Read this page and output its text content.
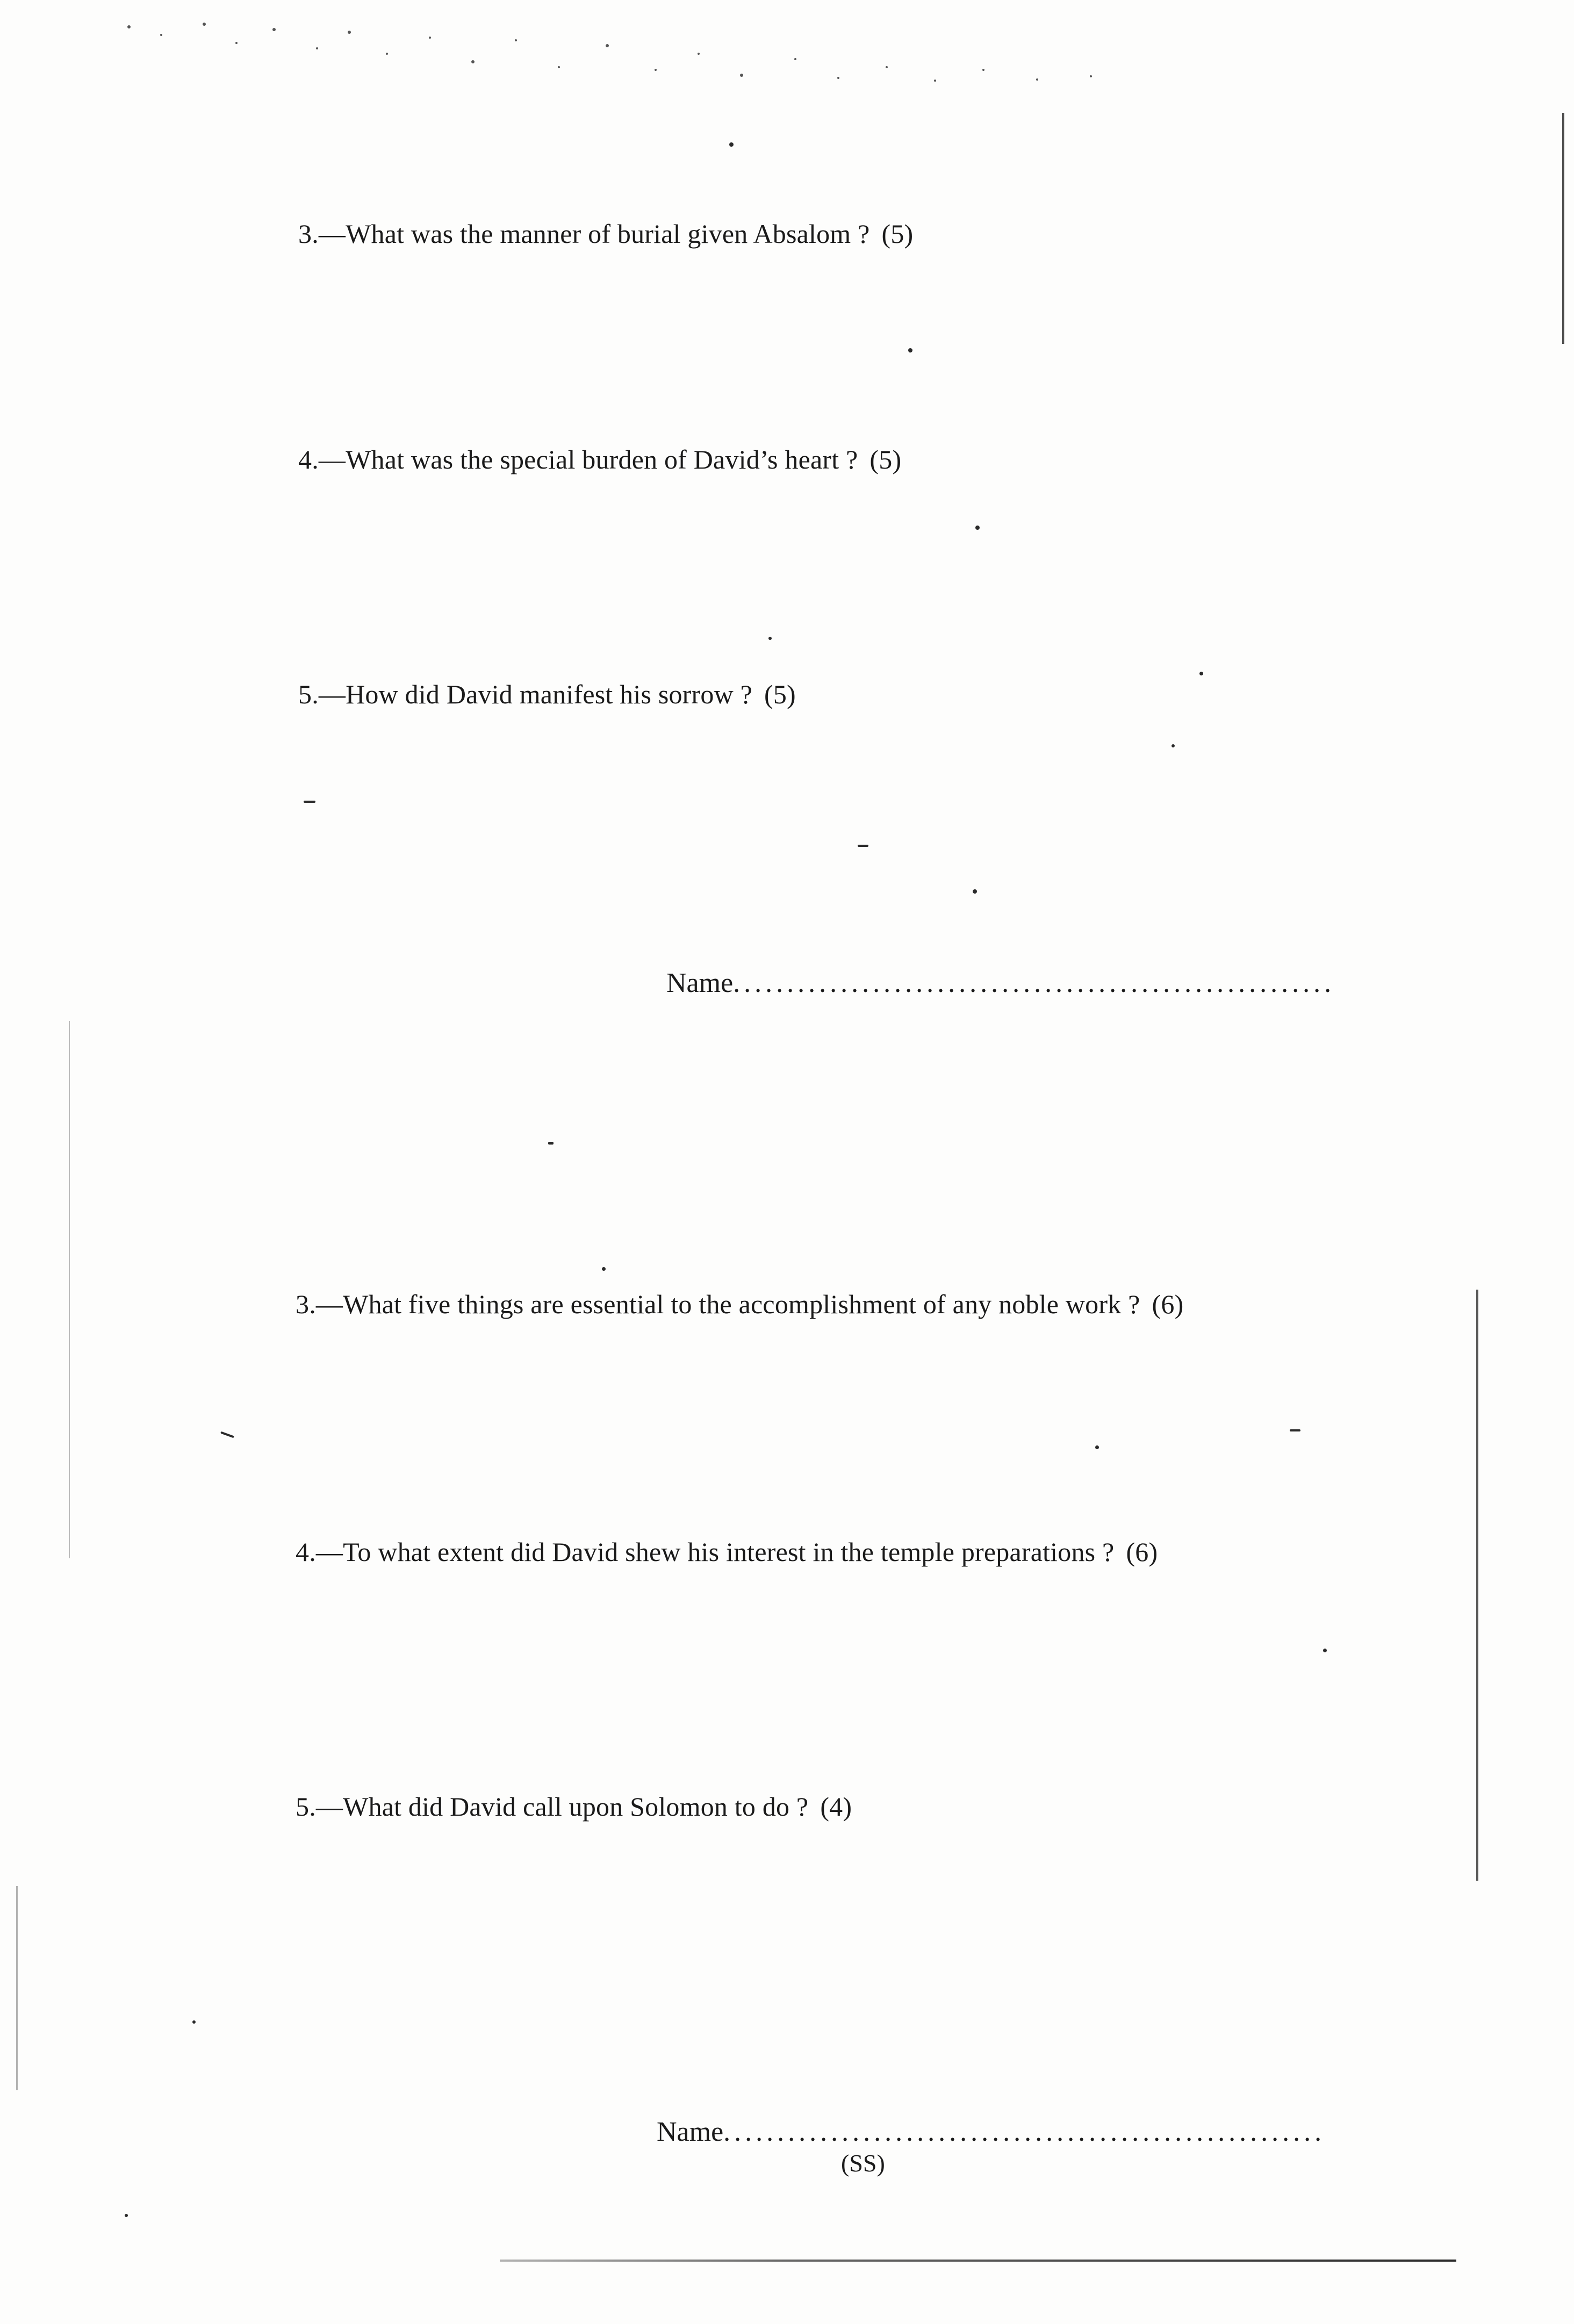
3.—What was the manner of burial given Absalom ? (5)
4.—What was the special burden of David’s heart ? (5)
5.—How did David manifest his sorrow ? (5)
Name........................................................
3.—What five things are essential to the accomplishment of any noble work ? (6)
4.—To what extent did David shew his interest in the temple preparations ? (6)
5.—What did David call upon Solomon to do ? (4)
Name........................................................
(SS)
